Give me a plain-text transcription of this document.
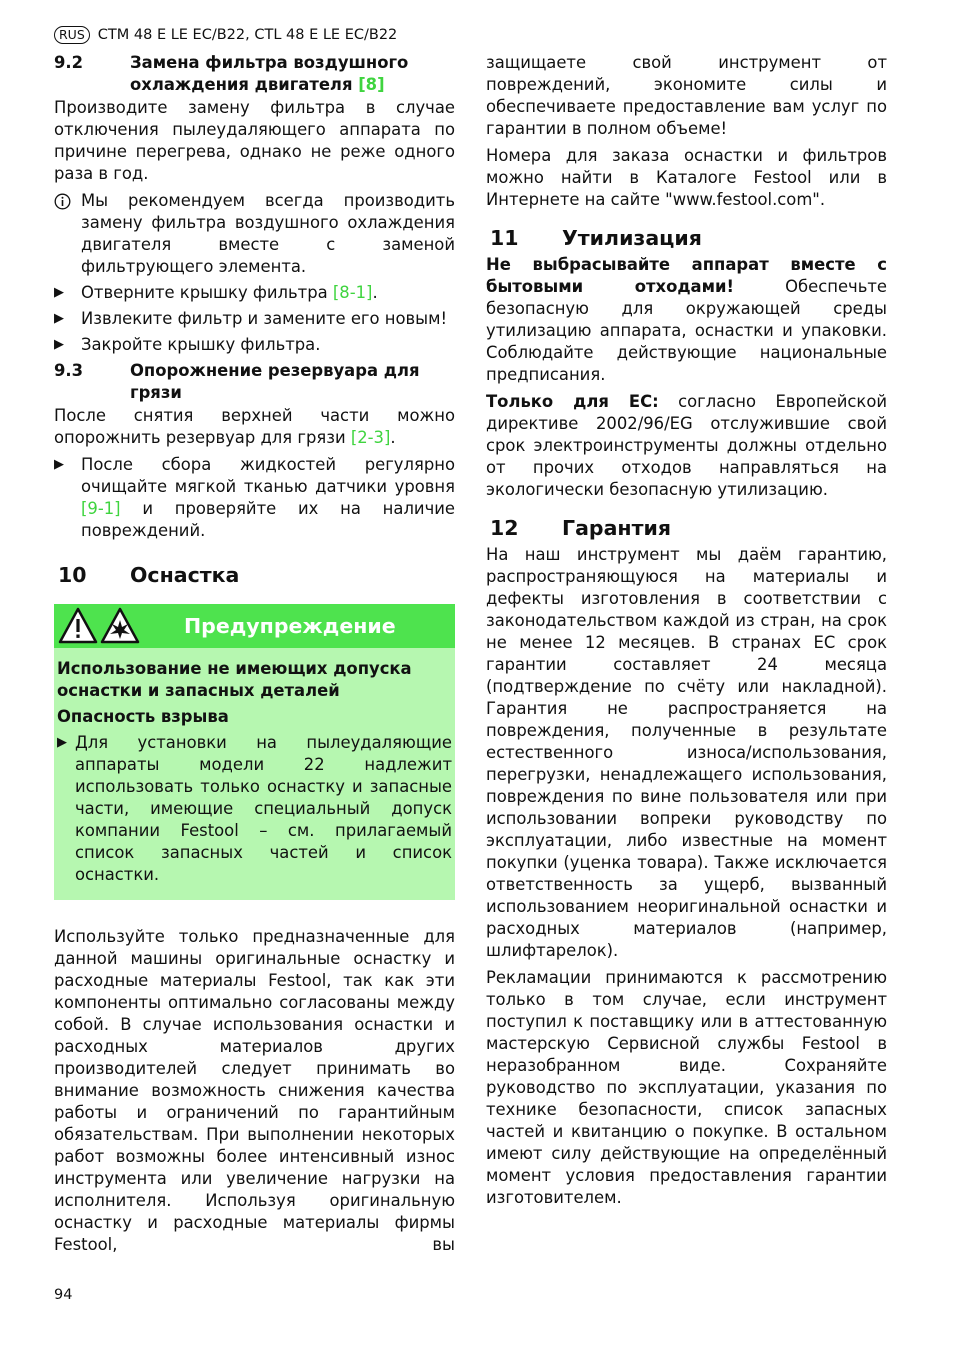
RUS CTM 48 E LE EC/B22, CTL 48 E LE EC/B22
9.2	Замена фильтра воздушного
охлаждения двигателя [8]

Производите замену фильтра в случае отключения пылеудаляющего аппарата по причине перегрева, однако не реже одного раза в год.

Мы рекомендуем всегда производить замену фильтра воздушного охлаждения двигателя вместе с заменой фильтрующего элемента.
▶	Отверните крышку фильтра [8-1].
▶	Извлеките фильтр и замените его новым!
▶	Закройте крышку фильтра.
9.3	Опорожнение резервуара для грязи

После снятия верхней части можно опорожнить резервуар для грязи [2-3].

▶	После сбора жидкостей регулярно очищайте мягкой тканью датчики уровня [9-1] и проверяйте их на наличие повреждений.
10	Оснастка
Предупреждение
Использование не имеющих допуска оснастки и запасных деталей
Опасность взрыва
▶ Для установки на пылеудаляющие аппараты модели 22 надлежит использовать только оснастку и запасные части, имеющие специальный допуск компании Festool – см. прилагаемый список запасных частей и список оснастки.

Используйте только предназначенные для данной машины оригинальные оснастку и расходные материалы Festool, так как эти компоненты оптимально согласованы между собой. В случае использования оснастки и расходных материалов других производителей следует принимать во внимание возможность снижения качества работы и ограничений по гарантийным обязательствам. При выполнении некоторых работ возможны более интенсивный износ инструмента или увеличение нагрузки на исполнителя. Используя оригинальную оснастку и расходные материалы фирмы Festool, вы

защищаете свой инструмент от повреждений, экономите силы и обеспечиваете предоставление вам услуг по гарантии в полном объеме!

Номера для заказа оснастки и фильтров можно найти в Каталоге Festool или в Интернете на сайте "www.festool.com".

11	Утилизация

Не выбрасывайте аппарат вместе с бытовыми отходами! Обеспечьте безопасную для окружающей среды утилизацию аппарата, оснастки и упаковки. Соблюдайте действующие национальные предписания.

Только для ЕС: согласно Европейской директиве 2002/96/EG отслужившие свой срок электроинструменты должны отдельно от прочих отходов направляться на экологически безопасную утилизацию.

12	Гарантия

На наш инструмент мы даём гарантию, распространяющуюся на материалы и дефекты изготовления в соответствии с законодательством каждой из стран, на срок не менее 12 месяцев. В странах ЕС срок гарантии составляет 24 месяца (подтверждение по счёту или накладной). Гарантия не распространяется на повреждения, полученные в результате естественного износа/использования, перегрузки, ненадлежащего использования, повреждения по вине пользователя или при использовании вопреки руководству по эксплуатации, либо известные на момент покупки (уценка товара). Также исключается ответственность за ущерб, вызванный использованием неоригинальной оснастки и расходных материалов (например, шлифтарелок).

Рекламации принимаются к рассмотрению только в том случае, если инструмент поступил к поставщику или в аттестованную мастерскую Сервисной службы Festool в неразобранном виде. Сохраняйте руководство по эксплуатации, указания по технике безопасности, список запасных частей и квитанцию о покупке. В остальном имеют силу действующие на определённый момент условия предоставления гарантии изготовителем.

94
